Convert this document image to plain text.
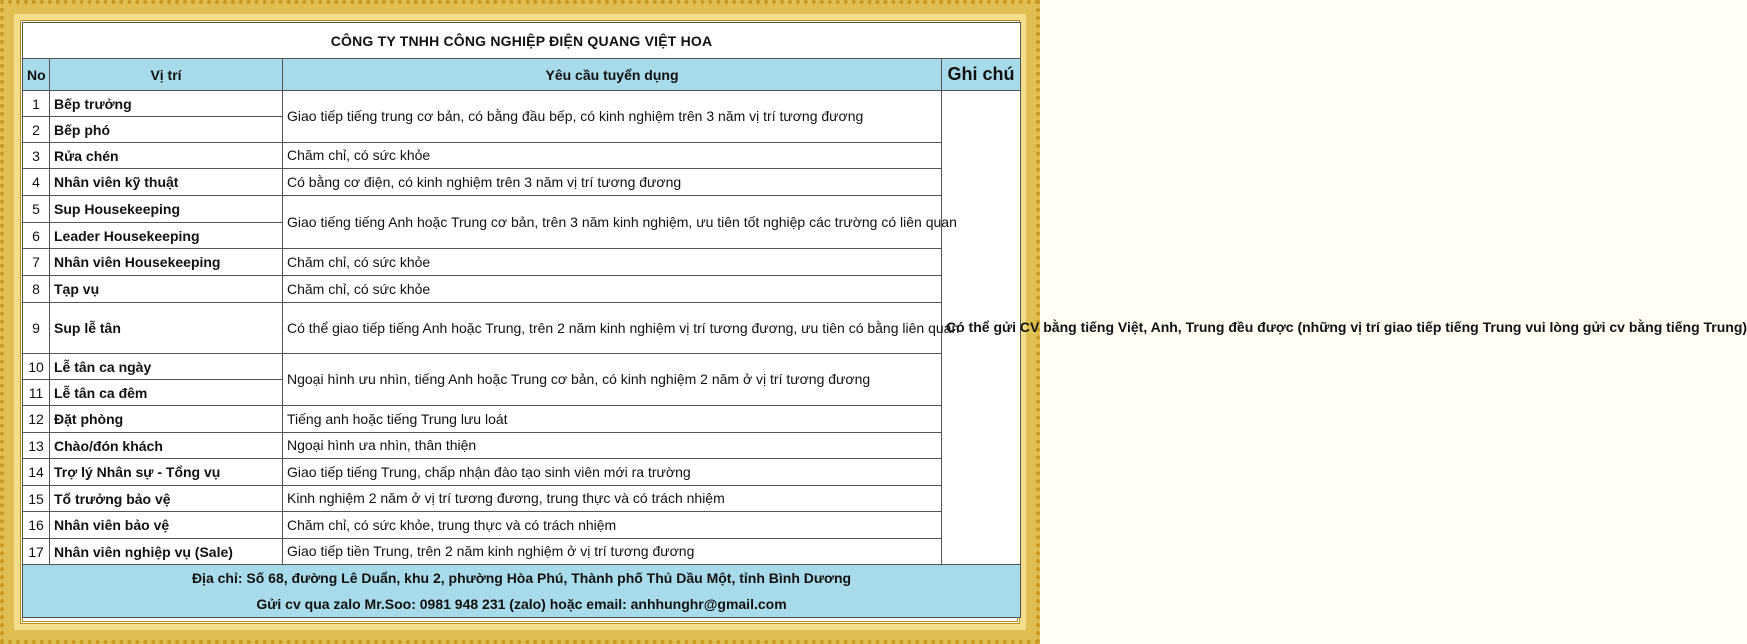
CÔNG TY TNHH CÔNG NGHIỆP ĐIỆN QUANG VIỆT HOA			
No	Vị trí	Yêu cầu tuyển dụng	Ghi chú
1	Bếp trưởng	Giao tiếp tiếng trung cơ bản, có bằng đầu bếp, có kinh nghiệm trên 3 năm vị trí tương đương	Có thể gửi CV bằng tiếng Việt, Anh, Trung đều được (những vị trí giao tiếp tiếng Trung vui lòng gửi cv bằng tiếng Trung)
2	Bếp phó		
3	Rửa chén	Chăm chỉ, có sức khỏe	
4	Nhân viên kỹ thuật	Có bằng cơ điện, có kinh nghiệm trên 3 năm vị trí tương đương	
5	Sup Housekeeping	Giao tiếng tiếng Anh hoặc Trung cơ bản, trên 3 năm kinh nghiệm, ưu tiên tốt nghiệp các trường có liên quan	
6	Leader Housekeeping		
7	Nhân viên Housekeeping	Chăm chỉ, có sức khỏe	
8	Tạp vụ	Chăm chỉ, có sức khỏe	
9	Sup lễ tân	Có thể giao tiếp tiếng Anh hoặc Trung, trên 2 năm kinh nghiệm vị trí tương đương, ưu tiên có bằng liên quan	
10	Lễ tân ca ngày	Ngoại hình ưu nhìn, tiếng Anh hoặc Trung cơ bản, có kinh nghiệm 2 năm ở vị trí tương đương	
11	Lễ tân ca đêm		
12	Đặt phòng	Tiếng anh hoặc tiếng Trung lưu loát	
13	Chào/đón khách	Ngoại hình ưa nhìn, thân thiện	
14	Trợ lý Nhân sự - Tổng vụ	Giao tiếp tiếng Trung, chấp nhận đào tạo sinh viên mới ra trường	
15	Tổ trưởng bảo vệ	Kinh nghiệm 2 năm ở vị trí tương đương, trung thực và có trách nhiệm	
16	Nhân viên bảo vệ	Chăm chỉ, có sức khỏe, trung thực và có trách nhiệm	
17	Nhân viên nghiệp vụ (Sale)	Giao tiếp tiền Trung, trên 2 năm kinh nghiệm ở vị trí tương đương	
Địa chỉ: Số 68, đường Lê Duẩn, khu 2, phường Hòa Phú, Thành phố Thủ Dầu Một, tỉnh Bình Dương			
Gửi cv qua zalo Mr.Soo: 0981 948 231 (zalo) hoặc email: anhhunghr@gmail.com			
